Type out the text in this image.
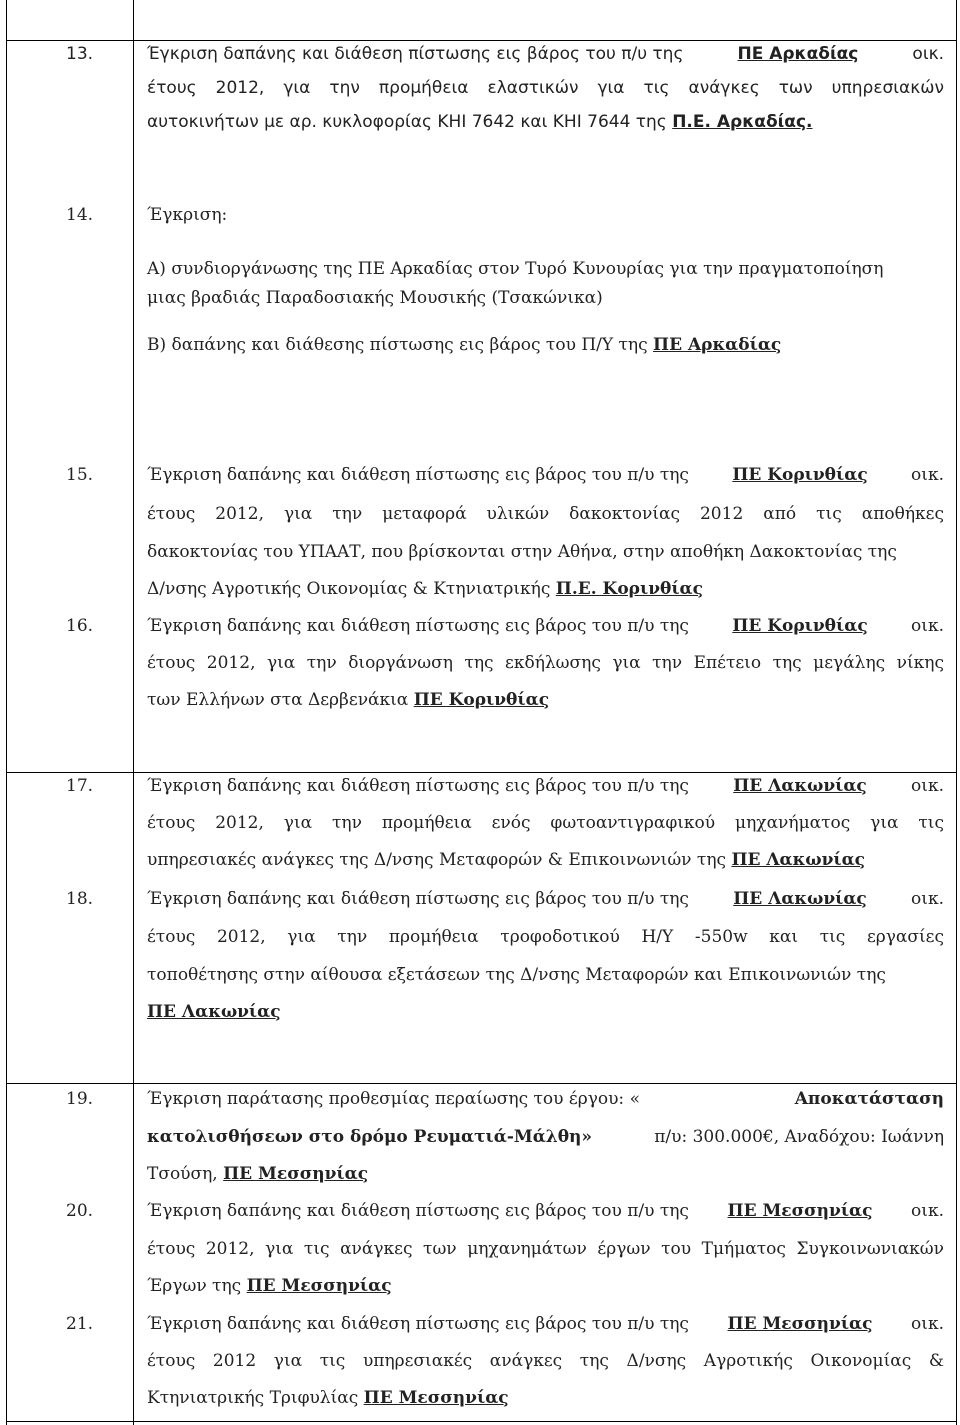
13.	Έγκριση δαπάνης και διάθεση πίστωσης εις βάρος του π/υ της	ΠΕ Αρκαδίας	οικ.
έτους 2012, για την προμήθεια ελαστικών για τις ανάγκες των υπηρεσιακών
αυτοκινήτων με αρ. κυκλοφορίας ΚΗΙ 7642 και ΚΗΙ 7644 της Π.Ε. Αρκαδίας.
14.	Έγκριση:
Α) συνδιοργάνωσης της ΠΕ Αρκαδίας στον Τυρό Κυνουρίας για την πραγματοποίηση
μιας βραδιάς Παραδοσιακής Μουσικής (Τσακώνικα)
Β) δαπάνης και διάθεσης πίστωσης εις βάρος του Π/Υ της ΠΕ Αρκαδίας
15.	Έγκριση δαπάνης και διάθεση πίστωσης εις βάρος του π/υ της	ΠΕ Κορινθίας	οικ.
έτους 2012, για την μεταφορά υλικών δακοκτονίας 2012 από τις αποθήκες
δακοκτονίας του ΥΠΑΑΤ, που βρίσκονται στην Αθήνα, στην αποθήκη Δακοκτονίας της
Δ/νσης Αγροτικής Οικονομίας & Κτηνιατρικής Π.Ε. Κορινθίας
16.	Έγκριση δαπάνης και διάθεση πίστωσης εις βάρος του π/υ της	ΠΕ Κορινθίας	οικ.
έτους 2012, για την διοργάνωση της εκδήλωσης για την Επέτειο της μεγάλης νίκης
των Ελλήνων στα Δερβενάκια ΠΕ Κορινθίας
17.	Έγκριση δαπάνης και διάθεση πίστωσης εις βάρος του π/υ της	ΠΕ Λακωνίας	οικ.
έτους 2012, για την προμήθεια ενός φωτοαντιγραφικού μηχανήματος για τις
υπηρεσιακές ανάγκες της Δ/νσης Μεταφορών & Επικοινωνιών της ΠΕ Λακωνίας
18.	Έγκριση δαπάνης και διάθεση πίστωσης εις βάρος του π/υ της	ΠΕ Λακωνίας	οικ.
έτους 2012, για την προμήθεια τροφοδοτικού Η/Υ -550w και τις εργασίες
τοποθέτησης στην αίθουσα εξετάσεων της Δ/νσης Μεταφορών και Επικοινωνιών της
ΠΕ Λακωνίας
19.	Έγκριση παράτασης προθεσμίας περαίωσης του έργου: «	Αποκατάσταση
κατολισθήσεων στο δρόμο Ρευματιά-Μάλθη»	π/υ: 300.000€, Αναδόχου: Ιωάννη
Τσούση, ΠΕ Μεσσηνίας
20.	Έγκριση δαπάνης και διάθεση πίστωσης εις βάρος του π/υ της ΠΕ Μεσσηνίας οικ.
έτους 2012, για τις ανάγκες των μηχανημάτων έργων του Τμήματος Συγκοινωνιακών
Έργων της ΠΕ Μεσσηνίας
21.	Έγκριση δαπάνης και διάθεση πίστωσης εις βάρος του π/υ της ΠΕ Μεσσηνίας οικ.
έτους 2012 για τις υπηρεσιακές ανάγκες της Δ/νσης Αγροτικής Οικονομίας &
Κτηνιατρικής Τριφυλίας ΠΕ Μεσσηνίας
